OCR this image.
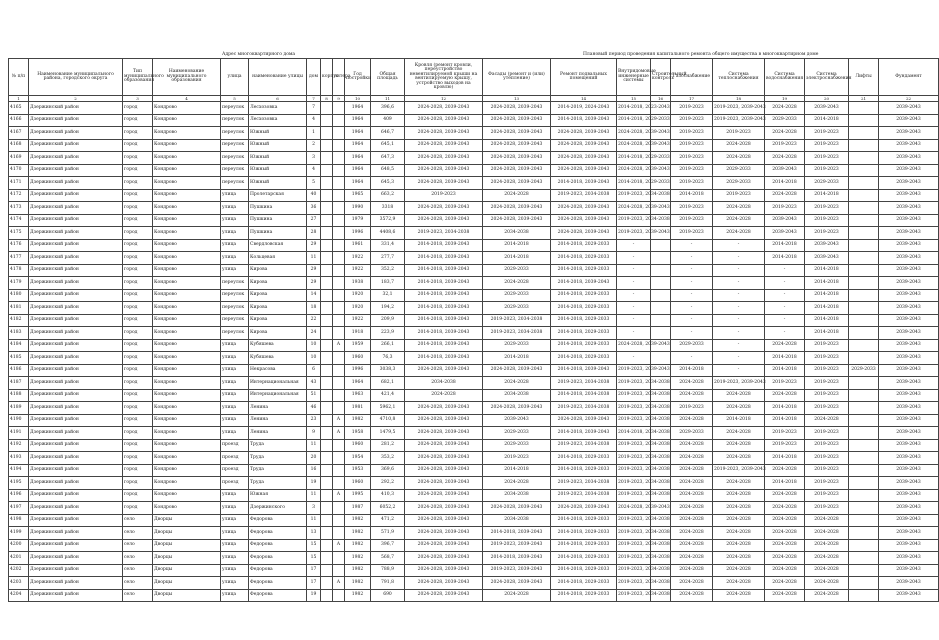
Адрес многоквартирного дома	Плановый период проведения капитального ремонта общего имущества в многоквартирном доме
№ п/п	Наименование муниципального района, городского округа	Тип муниципального образования	Наименование муниципального образования	улица	наименование улицы	дом	корпус	литера	Год постройки	Общая площадь	Кровля (ремонт кровли, переустройство невентилируемой крыши на вентилируемую крышу, устройство выходов на кровлю)	Фасады (ремонт и (или) утепление)	Ремонт подвальных помещений	Внутридомовые инженерные системы	Строительный контроль	Газоснабжение	Система теплоснабжения	Система водоснабжения	Система электроснабжения	Лифты	Фундамент
1	2	3	4	5	6	7	8	9	10	11	12	13	14	15	16	17	18	19	20	21	22
4165	Дзержинский район	город	Кондрово	переулок	Лесхозовка	7			1964	396,6	2024-2028, 2039-2043	2024-2028, 2039-2043	2014-2019, 2024-2043	2014-2018, 2023-2043		2019-2023	2019-2023, 2039-2043	2024-2028	2039-2043		2039-2043
4166	Дзержинский район	город	Кондрово	переулок	Лесхозовка	4			1964	409	2024-2028, 2039-2043	2024-2028, 2039-2043	2014-2018, 2039-2043	2014-2018, 2029-2033		2019-2023	2019-2023, 2039-2043	2029-2033	2014-2018		2039-2043
4167	Дзержинский район	город	Кондрово	переулок	Южный	1			1964	646,7	2024-2028, 2039-2043	2024-2028, 2039-2043	2024-2028, 2039-2043	2024-2028, 2039-2043		2019-2023	2019-2023	2024-2028	2019-2023		2039-2043
4168	Дзержинский район	город	Кондрово	переулок	Южный	2			1964	645,1	2024-2028, 2039-2043	2024-2028, 2039-2043	2024-2028, 2039-2043	2024-2028, 2039-2043		2019-2023	2024-2028	2019-2023	2019-2023		2039-2043
4169	Дзержинский район	город	Кондрово	переулок	Южный	3			1964	647,3	2024-2028, 2039-2043	2024-2028, 2039-2043	2024-2028, 2039-2043	2014-2018, 2029-2033		2019-2023	2024-2028	2024-2028	2019-2023		2039-2043
4170	Дзержинский район	город	Кондрово	переулок	Южный	4			1964	648,5	2024-2028, 2039-2043	2024-2028, 2039-2043	2024-2028, 2039-2043	2024-2028, 2039-2043		2019-2023	2029-2033	2039-2043	2019-2023		2039-2043
4171	Дзержинский район	город	Кондрово	переулок	Южный	5			1964	645,3	2024-2028, 2039-2043	2024-2028, 2039-2043	2014-2018, 2039-2043	2014-2018, 2029-2033		2019-2023	2029-2033	2014-2018	2029-2033		2039-2043
4172	Дзержинский район	город	Кондрово	улица	Пролетарская	40			1965	663,2	2019-2023	2024-2028	2019-2023, 2034-2038	2019-2023, 2034-2038		2014-2018	2019-2023	2024-2028	2014-2018		2039-2043
4173	Дзержинский район	город	Кондрово	улица	Пушкина	36			1990	3318	2024-2028, 2039-2043	2024-2028, 2039-2043	2024-2028, 2039-2043	2024-2028, 2039-2043		2019-2023	2024-2028	2019-2023	2019-2023		2039-2043
4174	Дзержинский район	город	Кондрово	улица	Пушкина	27			1979	3572,9	2024-2028, 2039-2043	2024-2028, 2039-2043	2024-2028, 2039-2043	2019-2023, 2034-2038		2019-2023	2024-2028	2039-2043	2019-2023		2039-2043
4175	Дзержинский район	город	Кондрово	улица	Пушкина	28			1996	4408,6	2019-2023, 2034-2038	2034-2038	2024-2028, 2039-2043	2019-2023, 2039-2043		2019-2023	2024-2028	2039-2043	2019-2023		2039-2043
4176	Дзержинский район	город	Кондрово	улица	Свердловская	29			1961	331,4	2014-2018, 2039-2043	2014-2018	2014-2018, 2029-2033	-		-	-	2014-2018	2039-2043		2039-2043
4177	Дзержинский район	город	Кондрово	улица	Кольцевая	11			1922	277,7	2014-2018, 2039-2043	2014-2018	2014-2018, 2029-2033	-		-	-	2014-2018	2039-2043		2039-2043
4178	Дзержинский район	город	Кондрово	улица	Кирова	29			1922	352,2	2014-2018, 2039-2043	2029-2033	2014-2018, 2029-2033	-		-	-	-	2014-2018		2039-2043
4179	Дзержинский район	город	Кондрово	переулок	Кирова	29			1938	183,7	2014-2018, 2039-2043	2024-2028	2014-2018, 2039-2043	-		-	-	-	2014-2018		2039-2043
4180	Дзержинский район	город	Кондрово	переулок	Кирова	14			1920	32,1	2014-2018, 2039-2043	2029-2033	2014-2018, 2029-2033	-		-	-	-	2014-2018		2039-2043
4181	Дзержинский район	город	Кондрово	переулок	Кирова	18			1920	194,2	2014-2018, 2039-2043	2029-2033	2014-2018, 2029-2033	-		-	-	-	2014-2018		2039-2043
4182	Дзержинский район	город	Кондрово	переулок	Кирова	22			1922	209,9	2014-2018, 2039-2043	2019-2023, 2034-2038	2014-2018, 2029-2033	-		-	-	-	2014-2018		2039-2043
4183	Дзержинский район	город	Кондрово	переулок	Кирова	24			1918	223,9	2014-2018, 2039-2043	2019-2023, 2034-2038	2014-2018, 2029-2033	-		-	-	-	2014-2018		2039-2043
4184	Дзержинский район	город	Кондрово	улица	Кубяшева	10		А	1959	266,1	2014-2018, 2039-2043	2029-2033	2014-2018, 2029-2033	2024-2028, 2039-2043		2029-2033	-	2024-2028	2019-2023		2039-2043
4185	Дзержинский район	город	Кондрово	улица	Кубяшева	10			1960	76,3	2014-2018, 2039-2043	2014-2018	2014-2018, 2029-2033	-		-	-	2014-2018	2019-2023		2039-2043
4186	Дзержинский район	город	Кондрово	улица	Некрасова	6			1996	3038,3	2024-2028, 2039-2043	2024-2028, 2039-2043	2014-2018, 2039-2043	2019-2023, 2039-2043		2014-2018	-	2014-2018	2019-2023	2029-2033	2039-2043
4187	Дзержинский район	город	Кондрово	улица	Интернациональная	43			1964	682,1	2034-2038	2024-2028	2019-2023, 2034-2038	2019-2023, 2034-2038		2024-2028	2019-2023, 2039-2043	2019-2023	2019-2023		2039-2043
4188	Дзержинский район	город	Кондрово	улица	Интернациональная	51			1963	421,4	2024-2028	2034-2038	2014-2018, 2034-2038	2019-2023, 2034-2038		2024-2028	2024-2028	2024-2028	2019-2023		2039-2043
4189	Дзержинский район	город	Кондрово	улица	Ленина	46			1981	5962,1	2024-2028, 2039-2043	2024-2028, 2039-2043	2019-2023, 2034-2038	2019-2023, 2034-2038		2019-2023	2024-2028	2014-2018	2019-2023		2039-2043
4190	Дзержинский район	город	Кондрово	улица	Ленина	23		А	1982	4710,8	2024-2028, 2039-2043	2039-2043	2024-2028, 2039-2043	2019-2023, 2034-2038		2024-2028	2014-2018	2014-2018	2024-2028		2039-2043
4191	Дзержинский район	город	Кондрово	улица	Ленина	9		А	1958	1479,5	2024-2028, 2039-2043	2029-2033	2014-2018, 2039-2043	2014-2018, 2034-2038		2029-2033	2024-2028	2019-2023	2019-2023		2039-2043
4192	Дзержинский район	город	Кондрово	проезд	Труда	11			1960	281,2	2024-2028, 2039-2043	2029-2033	2019-2023, 2034-2038	2019-2023, 2034-2038		2024-2028	2024-2028	2019-2023	2019-2023		2039-2043
4193	Дзержинский район	город	Кондрово	проезд	Труда	20			1954	353,2	2024-2028, 2039-2043	2019-2023	2014-2018, 2029-2033	2019-2023, 2034-2038		2024-2028	2024-2028	2014-2018	2019-2023		2039-2043
4194	Дзержинский район	город	Кондрово	проезд	Труда	16			1953	369,6	2024-2028, 2039-2043	2014-2018	2014-2018, 2029-2033	2019-2023, 2034-2038		2024-2028	2019-2023, 2039-2043	2024-2028	2019-2023		2039-2043
4195	Дзержинский район	город	Кондрово	проезд	Труда	19			1960	292,2	2024-2028, 2039-2043	2024-2028	2019-2023, 2034-2038	2019-2023, 2034-2038		2024-2028	2024-2028	2014-2018	2019-2023		2039-2043
4196	Дзержинский район	город	Кондрово	улица	Южная	11		А	1995	410,3	2024-2028, 2039-2043	2034-2038	2019-2023, 2034-2038	2019-2023, 2034-2038		2024-2028	2024-2028	2024-2028	2019-2023		2039-2043
4197	Дзержинский район	город	Кондрово	улица	Дзержинского	3			1987	6052,2	2024-2028, 2039-2043	2024-2028, 2039-2043	2024-2028, 2039-2043	2024-2028, 2039-2043		2024-2028	2024-2028	2024-2028	2019-2023		2039-2043
4198	Дзержинский район	село	Дворцы	улица	Федорова	11			1982	471,2	2024-2028, 2039-2043	2034-2038	2014-2018, 2029-2033	2019-2023, 2034-2038		2024-2028	2024-2028	2024-2028	2024-2028		2039-2043
4199	Дзержинский район	село	Дворцы	улица	Федорова	13			1982	571,9	2024-2028, 2039-2043	2014-2018, 2039-2043	2014-2018, 2029-2033	2019-2023, 2034-2038		2024-2028	2024-2028	2024-2028	2024-2028		2039-2043
4200	Дзержинский район	село	Дворцы	улица	Федорова	15		А	1982	396,7	2024-2028, 2039-2043	2019-2023, 2039-2043	2014-2018, 2029-2033	2019-2023, 2034-2038		2024-2028	2024-2028	2024-2028	2024-2028		2039-2043
4201	Дзержинский район	село	Дворцы	улица	Федорова	15			1982	568,7	2024-2028, 2039-2043	2014-2018, 2039-2043	2014-2018, 2029-2033	2019-2023, 2034-2038		2024-2028	2024-2028	2024-2028	2024-2028		2039-2043
4202	Дзержинский район	село	Дворцы	улица	Федорова	17			1982	788,9	2024-2028, 2039-2043	2019-2023, 2039-2043	2014-2018, 2029-2033	2019-2023, 2034-2038		2024-2028	2024-2028	2024-2028	2024-2028		2039-2043
4203	Дзержинский район	село	Дворцы	улица	Федорова	17		А	1982	791,8	2024-2028, 2039-2043	2024-2028, 2039-2043	2014-2018, 2029-2033	2019-2023, 2034-2038		2024-2028	2024-2028	2024-2028	2024-2028		2039-2043
4204	Дзержинский район	село	Дворцы	улица	Федорова	19			1982	690	2024-2028, 2039-2043	2024-2028	2014-2018, 2029-2033	2019-2023, 2034-2038		2024-2028	2024-2028	2024-2028	2024-2028		2039-2043
